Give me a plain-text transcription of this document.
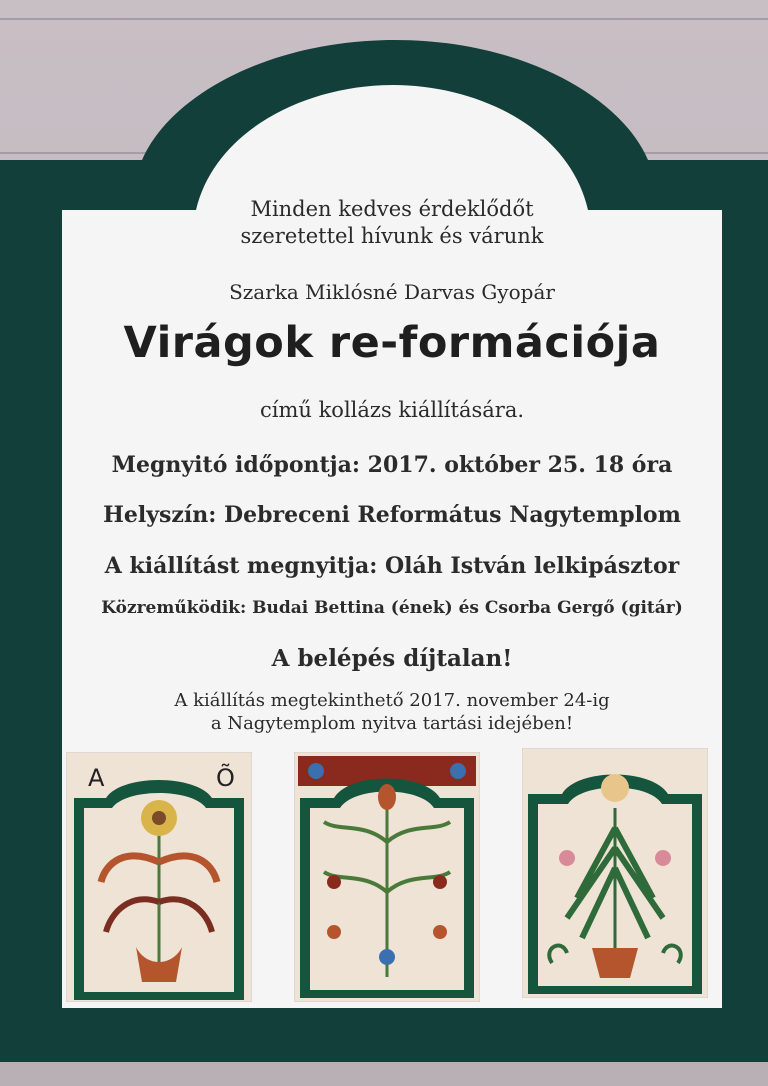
Minden kedves érdeklődőt
szeretettel hívunk és várunk
Szarka Miklósné Darvas Gyopár
Virágok re-formációja
című kollázs kiállítására.
Megnyitó időpontja: 2017. október 25. 18 óra
Helyszín: Debreceni Református Nagytemplom
A kiállítást megnyitja: Oláh István lelkipásztor
Közreműködik: Budai Bettina (ének) és Csorba Gergő (gitár)
A belépés díjtalan!
A kiállítás megtekinthető 2017. november 24-ig
a Nagytemplom nyitva tartási idejében!
A	Õ
